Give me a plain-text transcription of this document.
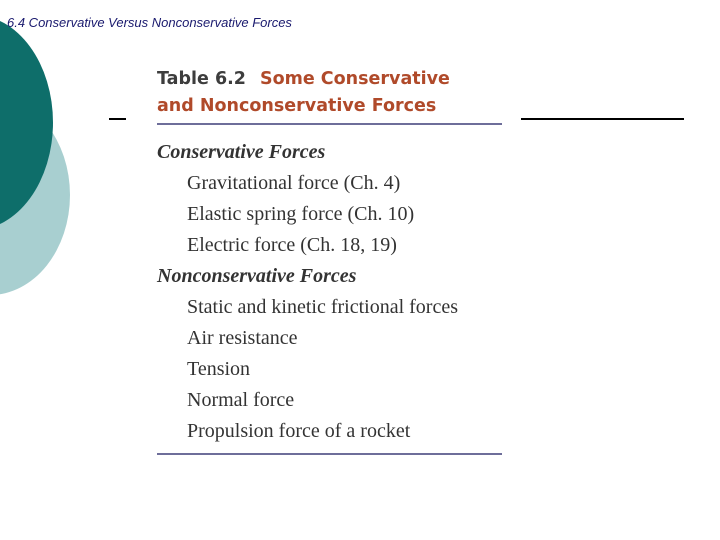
6.4 Conservative Versus Nonconservative Forces
Table 6.2 Some Conservative
and Nonconservative Forces
Conservative Forces
Gravitational force (Ch. 4)
Elastic spring force (Ch. 10)
Electric force (Ch. 18, 19)
Nonconservative Forces
Static and kinetic frictional forces
Air resistance
Tension
Normal force
Propulsion force of a rocket
